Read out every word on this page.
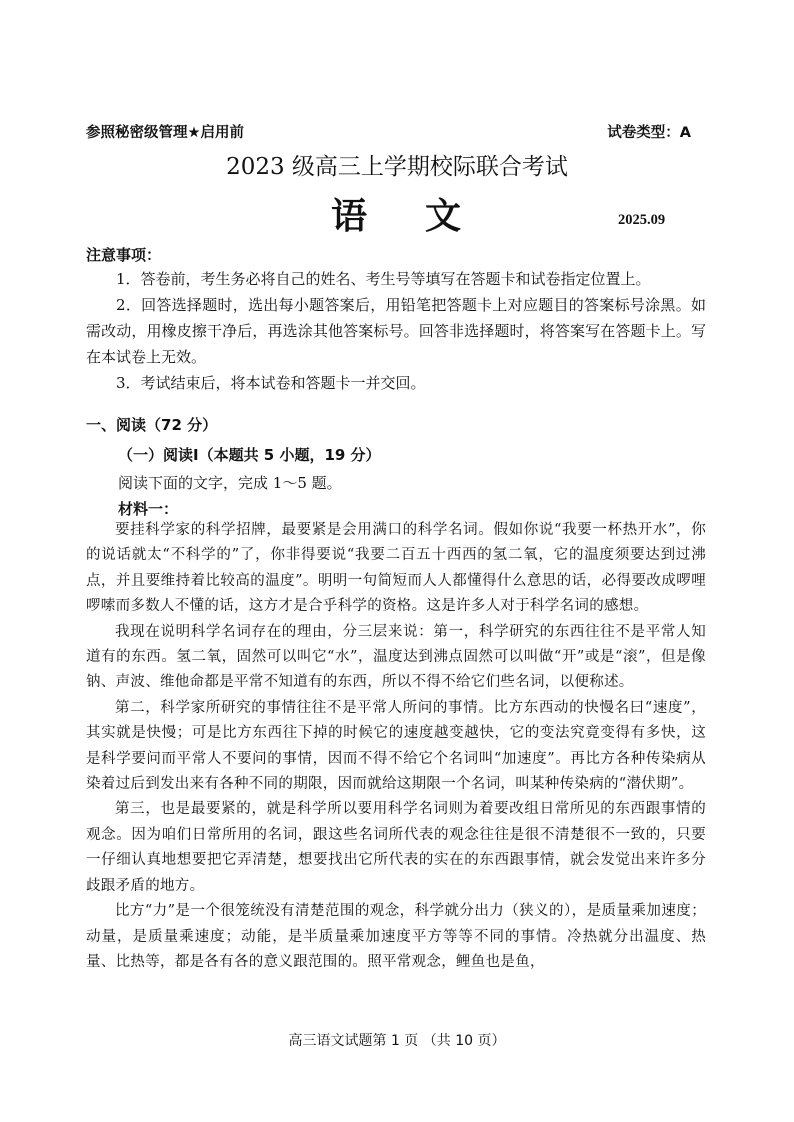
参照秘密级管理★启用前	试卷类型：A
2023 级高三上学期校际联合考试
语 文	2025.09
注意事项：

1．答卷前，考生务必将自己的姓名、考生号等填写在答题卡和试卷指定位置上。

2．回答选择题时，选出每小题答案后，用铅笔把答题卡上对应题目的答案标号涂黑。如需改动，用橡皮擦干净后，再选涂其他答案标号。回答非选择题时，将答案写在答题卡上。写在本试卷上无效。

3．考试结束后，将本试卷和答题卡一并交回。

一、阅读（72 分）
（一）阅读Ⅰ（本题共 5 小题，19 分）
阅读下面的文字，完成 1～5 题。
材料一：

要挂科学家的科学招牌，最要紧是会用满口的科学名词。假如你说“我要一杯热开水”，你的说话就太“不科学的”了，你非得要说“我要二百五十西西的氢二氧，它的温度须要达到过沸点，并且要维持着比较高的温度”。明明一句简短而人人都懂得什么意思的话，必得要改成啰哩啰嗦而多数人不懂的话，这方才是合乎科学的资格。这是许多人对于科学名词的感想。

我现在说明科学名词存在的理由，分三层来说：第一，科学研究的东西往往不是平常人知道有的东西。氢二氧，固然可以叫它“水”，温度达到沸点固然可以叫做“开”或是“滚”，但是像钠、声波、维他命都是平常不知道有的东西，所以不得不给它们些名词，以便称述。

第二，科学家所研究的事情往往不是平常人所问的事情。比方东西动的快慢名曰“速度”，其实就是快慢；可是比方东西往下掉的时候它的速度越变越快，它的变法究竟变得有多快，这是科学要问而平常人不要问的事情，因而不得不给它个名词叫“加速度”。再比方各种传染病从染着过后到发出来有各种不同的期限，因而就给这期限一个名词，叫某种传染病的“潜伏期”。

第三，也是最要紧的，就是科学所以要用科学名词则为着要改组日常所见的东西跟事情的观念。因为咱们日常所用的名词，跟这些名词所代表的观念往往是很不清楚很不一致的，只要一仔细认真地想要把它弄清楚，想要找出它所代表的实在的东西跟事情，就会发觉出来许多分歧跟矛盾的地方。

比方“力”是一个很笼统没有清楚范围的观念，科学就分出力（狭义的），是质量乘加速度；动量，是质量乘速度；动能，是半质量乘加速度平方等等不同的事情。冷热就分出温度、热量、比热等，都是各有各的意义跟范围的。照平常观念，鲤鱼也是鱼，

高三语文试题第 1 页 （共 10 页）
